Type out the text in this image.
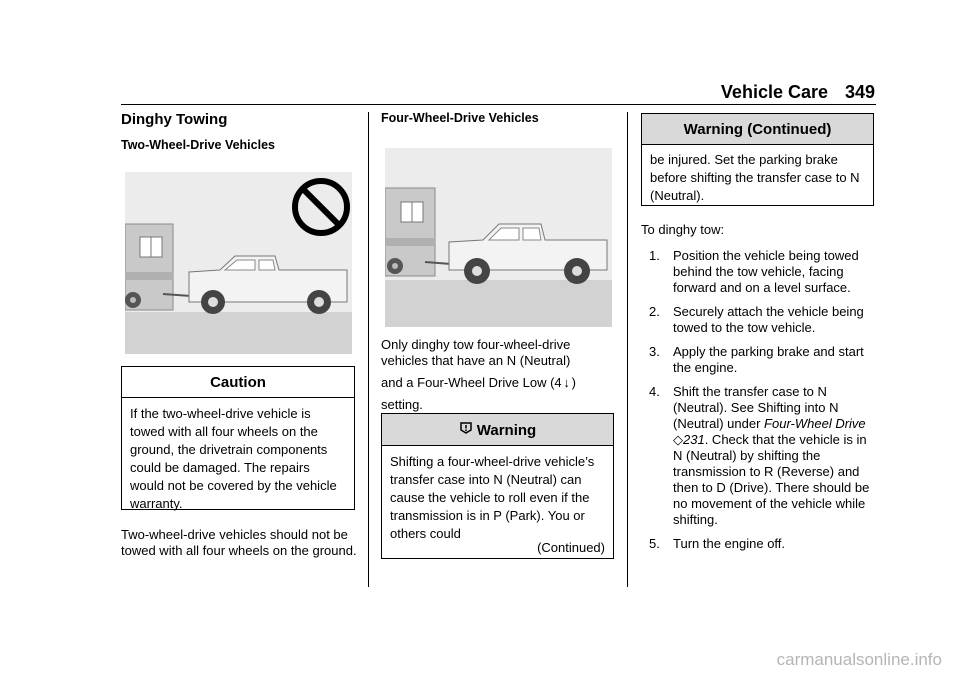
Vehicle Care 349

Dinghy Towing

Two-Wheel-Drive Vehicles

Caution
If the two-wheel-drive vehicle is towed with all four wheels on the ground, the drivetrain components could be damaged. The repairs would not be covered by the vehicle warranty.

Two-wheel-drive vehicles should not be towed with all four wheels on the ground.

Four-Wheel-Drive Vehicles

Only dinghy tow four-wheel-drive vehicles that have an N (Neutral)

and a Four-Wheel Drive Low (4 ↓ )

setting.

Warning
Shifting a four-wheel-drive vehicle’s transfer case into N (Neutral) can cause the vehicle to roll even if the transmission is in P (Park). You or others could
(Continued)
Warning (Continued)
be injured. Set the parking brake before shifting the transfer case to N (Neutral).

To dinghy tow:

1. Position the vehicle being towed behind the tow vehicle, facing forward and on a level surface.
2. Securely attach the vehicle being towed to the tow vehicle.
3. Apply the parking brake and start the engine.
4. Shift the transfer case to N (Neutral). See Shifting into N (Neutral) under Four-Wheel Drive ◇231. Check that the vehicle is in N (Neutral) by shifting the transmission to R (Reverse) and then to D (Drive). There should be no movement of the vehicle while shifting.
5. Turn the engine off.
carmanualsonline.info
